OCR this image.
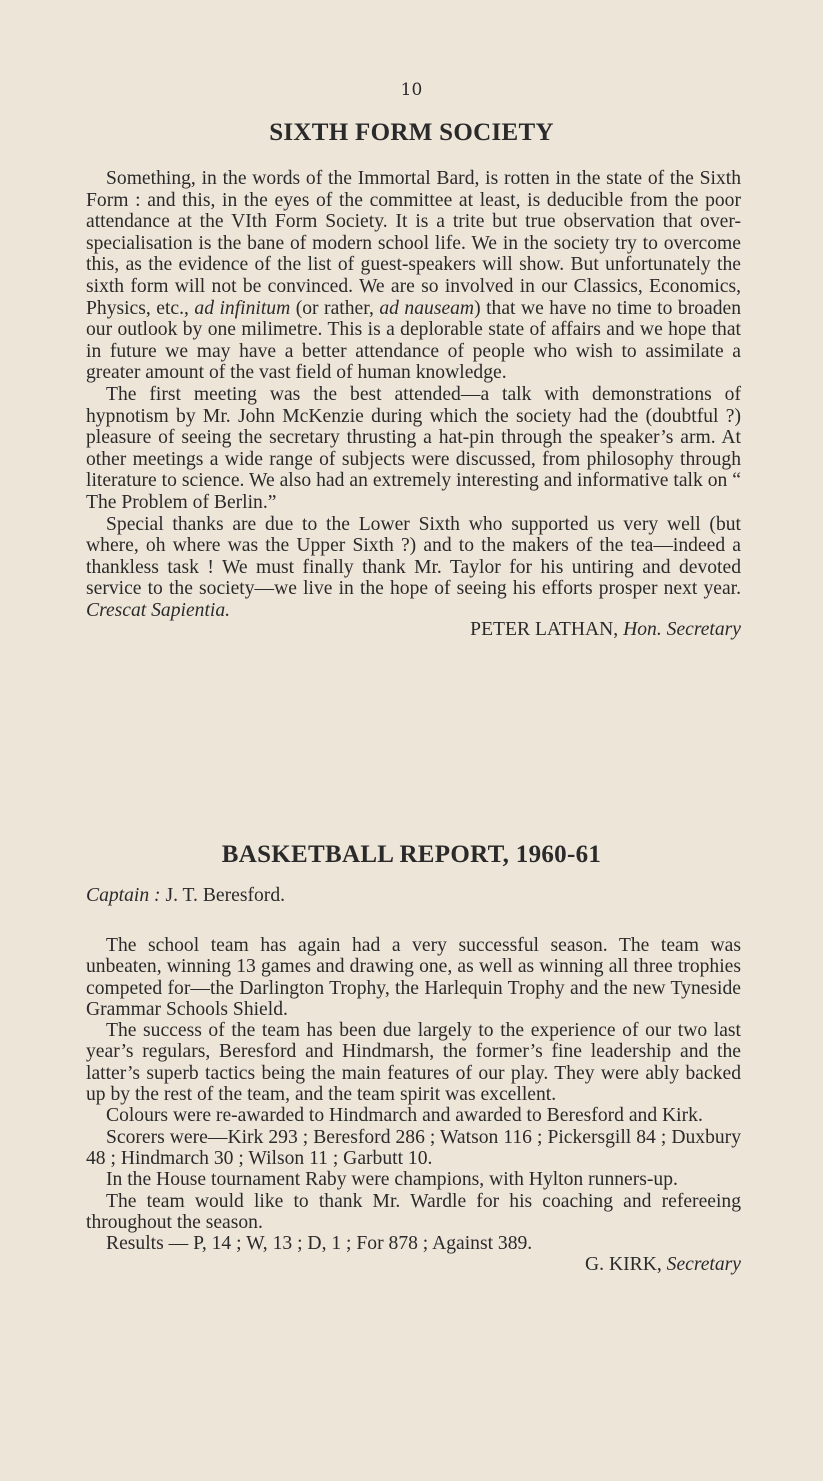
10
SIXTH FORM SOCIETY

Something, in the words of the Immortal Bard, is rotten in the state of the Sixth Form : and this, in the eyes of the committee at least, is deducible from the poor attendance at the VIth Form Society. It is a trite but true observation that over-specialisation is the bane of modern school life. We in the society try to overcome this, as the evidence of the list of guest-speakers will show. But unfortunately the sixth form will not be convinced. We are so involved in our Classics, Economics, Physics, etc., ad infinitum (or rather, ad nauseam) that we have no time to broaden our outlook by one milimetre. This is a deplorable state of affairs and we hope that in future we may have a better attendance of people who wish to assimilate a greater amount of the vast field of human knowledge.

The first meeting was the best attended—a talk with demonstrations of hypnotism by Mr. John McKenzie during which the society had the (doubtful ?) pleasure of seeing the secretary thrusting a hat-pin through the speaker’s arm. At other meetings a wide range of subjects were discussed, from philosophy through literature to science. We also had an extremely interesting and informative talk on “ The Problem of Berlin.”

Special thanks are due to the Lower Sixth who supported us very well (but where, oh where was the Upper Sixth ?) and to the makers of the tea—indeed a thankless task ! We must finally thank Mr. Taylor for his untiring and devoted service to the society—we live in the hope of seeing his efforts prosper next year. Crescat Sapientia.

PETER LATHAN, Hon. Secretary
BASKETBALL REPORT, 1960-61
Captain : J. T. Beresford.

The school team has again had a very successful season. The team was unbeaten, winning 13 games and drawing one, as well as winning all three trophies competed for—the Darlington Trophy, the Harlequin Trophy and the new Tyneside Grammar Schools Shield.

The success of the team has been due largely to the experience of our two last year’s regulars, Beresford and Hindmarsh, the former’s fine leadership and the latter’s superb tactics being the main features of our play. They were ably backed up by the rest of the team, and the team spirit was excellent.

Colours were re-awarded to Hindmarch and awarded to Beresford and Kirk.

Scorers were—Kirk 293 ; Beresford 286 ; Watson 116 ; Pickersgill 84 ; Duxbury 48 ; Hindmarch 30 ; Wilson 11 ; Garbutt 10.

In the House tournament Raby were champions, with Hylton runners-up.

The team would like to thank Mr. Wardle for his coaching and refereeing throughout the season.

Results — P, 14 ; W, 13 ; D, 1 ; For 878 ; Against 389.

G. KIRK, Secretary
